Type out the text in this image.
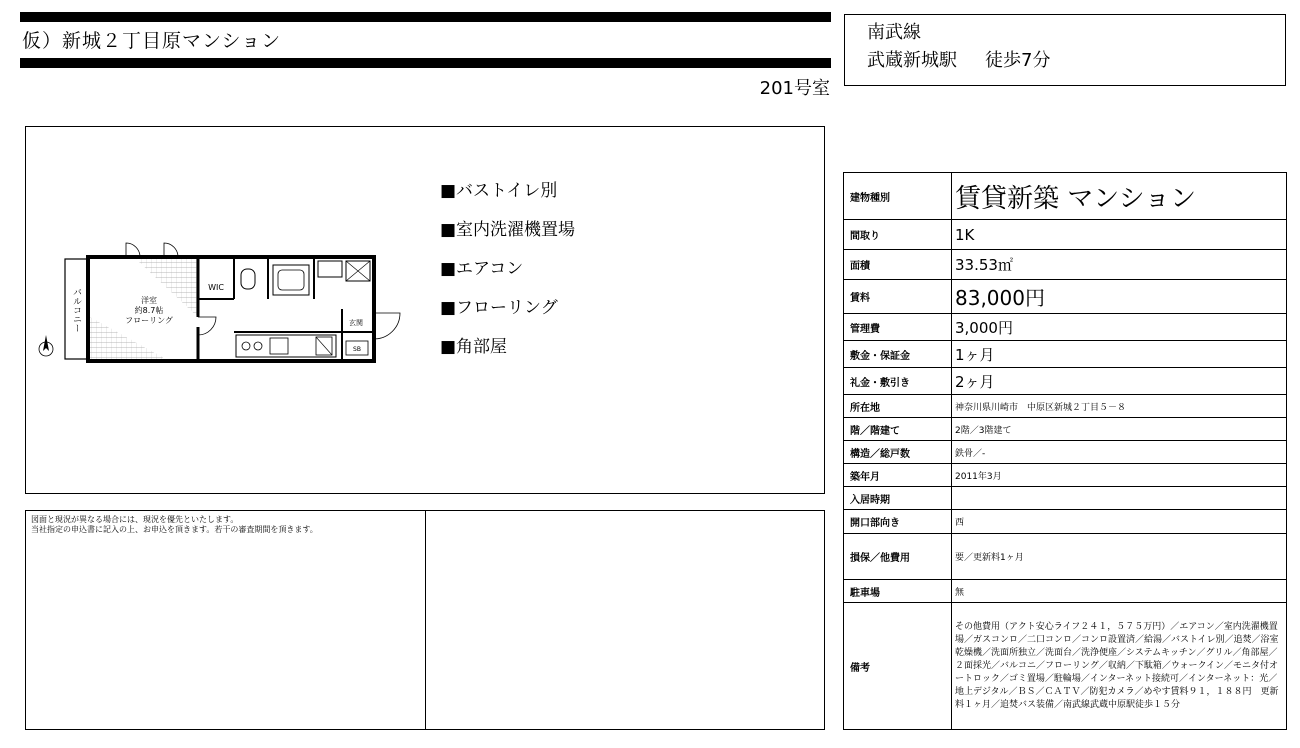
仮）新城２丁目原マンション
201号室
南武線
武蔵新城駅 徒歩7分
バルコニー	WIC
玄関
SB
洋室
約8.7帖
フローリング
■バストイレ別
■室内洗濯機置場
■エアコン
■フローリング
■角部屋
図面と現況が異なる場合には、現況を優先といたします。
当社指定の申込書に記入の上、お申込を頂きます。若干の審査期間を頂きます。
建物種別	賃貸新築 マンション
間取り	1K
面積	33.53㎡
賃料	83,000円
管理費	3,000円
敷金・保証金	1ヶ月
礼金・敷引き	2ヶ月
所在地	神奈川県川崎市　中原区新城２丁目５－８
階／階建て	2階／3階建て
構造／総戸数	鉄骨／-
築年月	2011年3月
入居時期	
開口部向き	西
損保／他費用	要／更新料1ヶ月
駐車場	無
備考	その他費用（アクト安心ライフ２４１，５７５万円）／エアコン／室内洗濯機置場／ガスコンロ／二口コンロ／コンロ設置済／給湯／バストイレ別／追焚／浴室乾燥機／洗面所独立／洗面台／洗浄便座／システムキッチン／グリル／角部屋／２面採光／バルコニ／フローリング／収納／下駄箱／ウォークイン／モニタ付オートロック／ゴミ置場／駐輪場／インターネット接続可／インターネット：光／地上デジタル／ＢＳ／ＣＡＴＶ／防犯カメラ／めやす賃料９１，１８８円　更新料１ヶ月／追焚バス装備／南武線武蔵中原駅徒歩１５分
